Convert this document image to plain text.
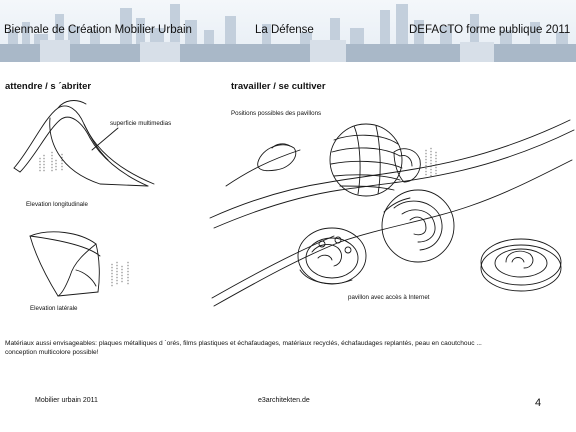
Biennale de Création Mobilier Urbain	La Défense	DEFACTO forme publique 2011
attendre / s ´abriter	travailler / se cultiver
superficie multimedias
Elevation longitudinale
Elevation latérale
Positions possibles des pavillons
pavillon avec accès à Internet
Matériaux aussi envisageables: plaques métalliques d ´orés, films plastiques et échafaudages, matériaux recyclés, échafaudages replantés, peau en caoutchouc ...
conception multicolore possible!
Mobilier urbain 2011	e3architekten.de	4
